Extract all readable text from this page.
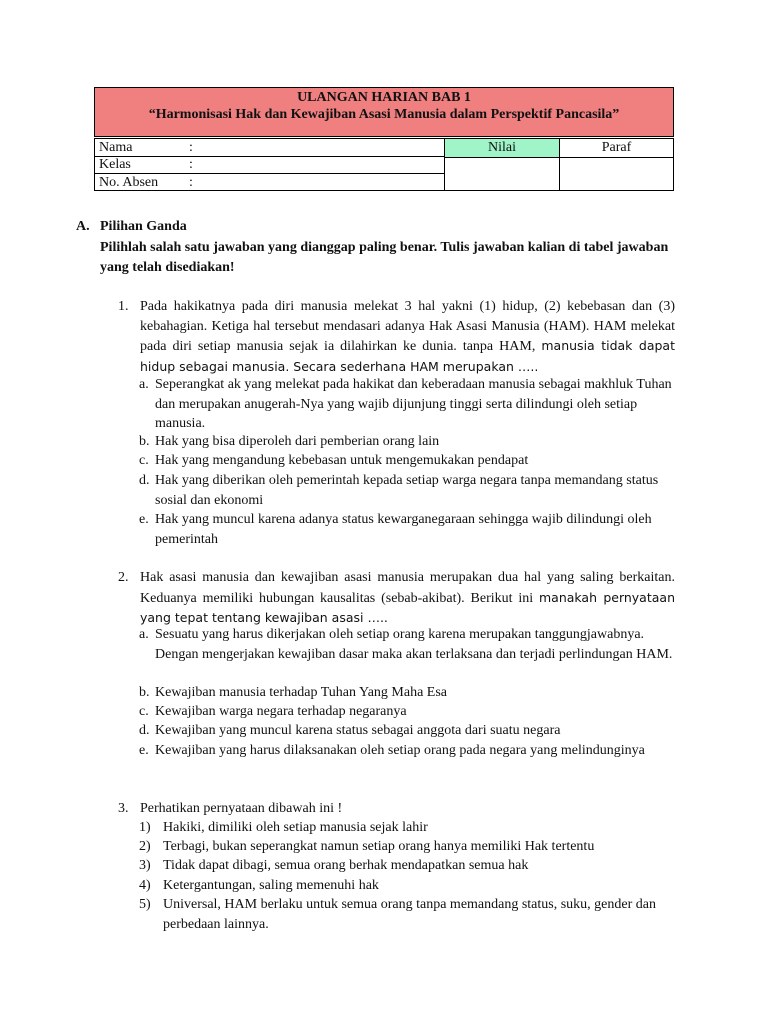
ULANGAN HARIAN BAB 1
“Harmonisasi Hak dan Kewajiban Asasi Manusia dalam Perspektif Pancasila”
Nama	:
Kelas	:
No. Absen :
Nilai	Paraf
A. Pilihan Ganda
Pilihlah salah satu jawaban yang dianggap paling benar. Tulis jawaban kalian di tabel jawaban yang telah disediakan!
1. Pada hakikatnya pada diri manusia melekat 3 hal yakni (1) hidup, (2) kebebasan dan (3) kebahagian. Ketiga hal tersebut mendasari adanya Hak Asasi Manusia (HAM). HAM melekat pada diri setiap manusia sejak ia dilahirkan ke dunia. tanpa HAM, manusia tidak dapat hidup sebagai manusia. Secara sederhana HAM merupakan …..
a. Seperangkat ak yang melekat pada hakikat dan keberadaan manusia sebagai makhluk Tuhan dan merupakan anugerah-Nya yang wajib dijunjung tinggi serta dilindungi oleh setiap manusia.
b. Hak yang bisa diperoleh dari pemberian orang lain
c. Hak yang mengandung kebebasan untuk mengemukakan pendapat
d. Hak yang diberikan oleh pemerintah kepada setiap warga negara tanpa memandang status sosial dan ekonomi
e. Hak yang muncul karena adanya status kewarganegaraan sehingga wajib dilindungi oleh pemerintah
2. Hak asasi manusia dan kewajiban asasi manusia merupakan dua hal yang saling berkaitan. Keduanya memiliki hubungan kausalitas (sebab-akibat). Berikut ini manakah pernyataan yang tepat tentang kewajiban asasi …..
a. Sesuatu yang harus dikerjakan oleh setiap orang karena merupakan tanggungjawabnya. Dengan mengerjakan kewajiban dasar maka akan terlaksana dan terjadi perlindungan HAM.
b. Kewajiban manusia terhadap Tuhan Yang Maha Esa
c. Kewajiban warga negara terhadap negaranya
d. Kewajiban yang muncul karena status sebagai anggota dari suatu negara
e. Kewajiban yang harus dilaksanakan oleh setiap orang pada negara yang melindunginya
3. Perhatikan pernyataan dibawah ini !
1) Hakiki, dimiliki oleh setiap manusia sejak lahir
2) Terbagi, bukan seperangkat namun setiap orang hanya memiliki Hak tertentu
3) Tidak dapat dibagi, semua orang berhak mendapatkan semua hak
4) Ketergantungan, saling memenuhi hak
5) Universal, HAM berlaku untuk semua orang tanpa memandang status, suku, gender dan perbedaan lainnya.
